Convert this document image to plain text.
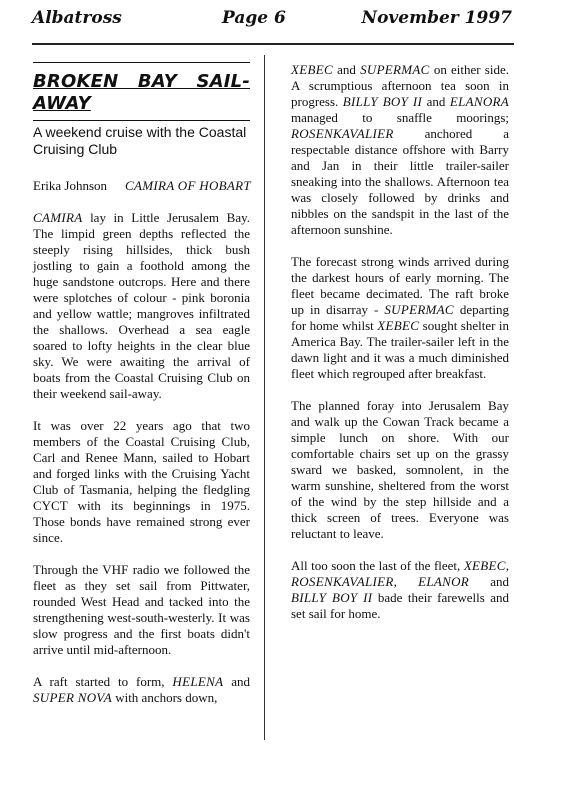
Albatross	Page 6	November 1997
BROKEN BAY SAIL-AWAY
A weekend cruise with the Coastal Cruising Club
Erika Johnson CAMIRA OF HOBART

CAMIRA lay in Little Jerusalem Bay. The limpid green depths reflected the steeply rising hillsides, thick bush jostling to gain a foothold among the huge sandstone outcrops. Here and there were splotches of colour - pink boronia and yellow wattle; mangroves infiltrated the shallows. Overhead a sea eagle soared to lofty heights in the clear blue sky. We were awaiting the arrival of boats from the Coastal Cruising Club on their weekend sail-away.

It was over 22 years ago that two members of the Coastal Cruising Club, Carl and Renee Mann, sailed to Hobart and forged links with the Cruising Yacht Club of Tasmania, helping the fledgling CYCT with its beginnings in 1975. Those bonds have remained strong ever since.

Through the VHF radio we followed the fleet as they set sail from Pittwater, rounded West Head and tacked into the strengthening west-south-westerly. It was slow progress and the first boats didn't arrive until mid-afternoon.

A raft started to form, HELENA and SUPER NOVA with anchors down,

XEBEC and SUPERMAC on either side. A scrumptious afternoon tea soon in progress. BILLY BOY II and ELANORA managed to snaffle moorings; ROSENKAVALIER anchored a respectable distance offshore with Barry and Jan in their little trailer-sailer sneaking into the shallows. Afternoon tea was closely followed by drinks and nibbles on the sandspit in the last of the afternoon sunshine.

The forecast strong winds arrived during the darkest hours of early morning. The fleet became decimated. The raft broke up in disarray - SUPERMAC departing for home whilst XEBEC sought shelter in America Bay. The trailer-sailer left in the dawn light and it was a much diminished fleet which regrouped after breakfast.

The planned foray into Jerusalem Bay and walk up the Cowan Track became a simple lunch on shore. With our comfortable chairs set up on the grassy sward we basked, somnolent, in the warm sunshine, sheltered from the worst of the wind by the step hillside and a thick screen of trees. Everyone was reluctant to leave.

All too soon the last of the fleet, XEBEC, ROSENKAVALIER, ELANOR and BILLY BOY II bade their farewells and set sail for home.
